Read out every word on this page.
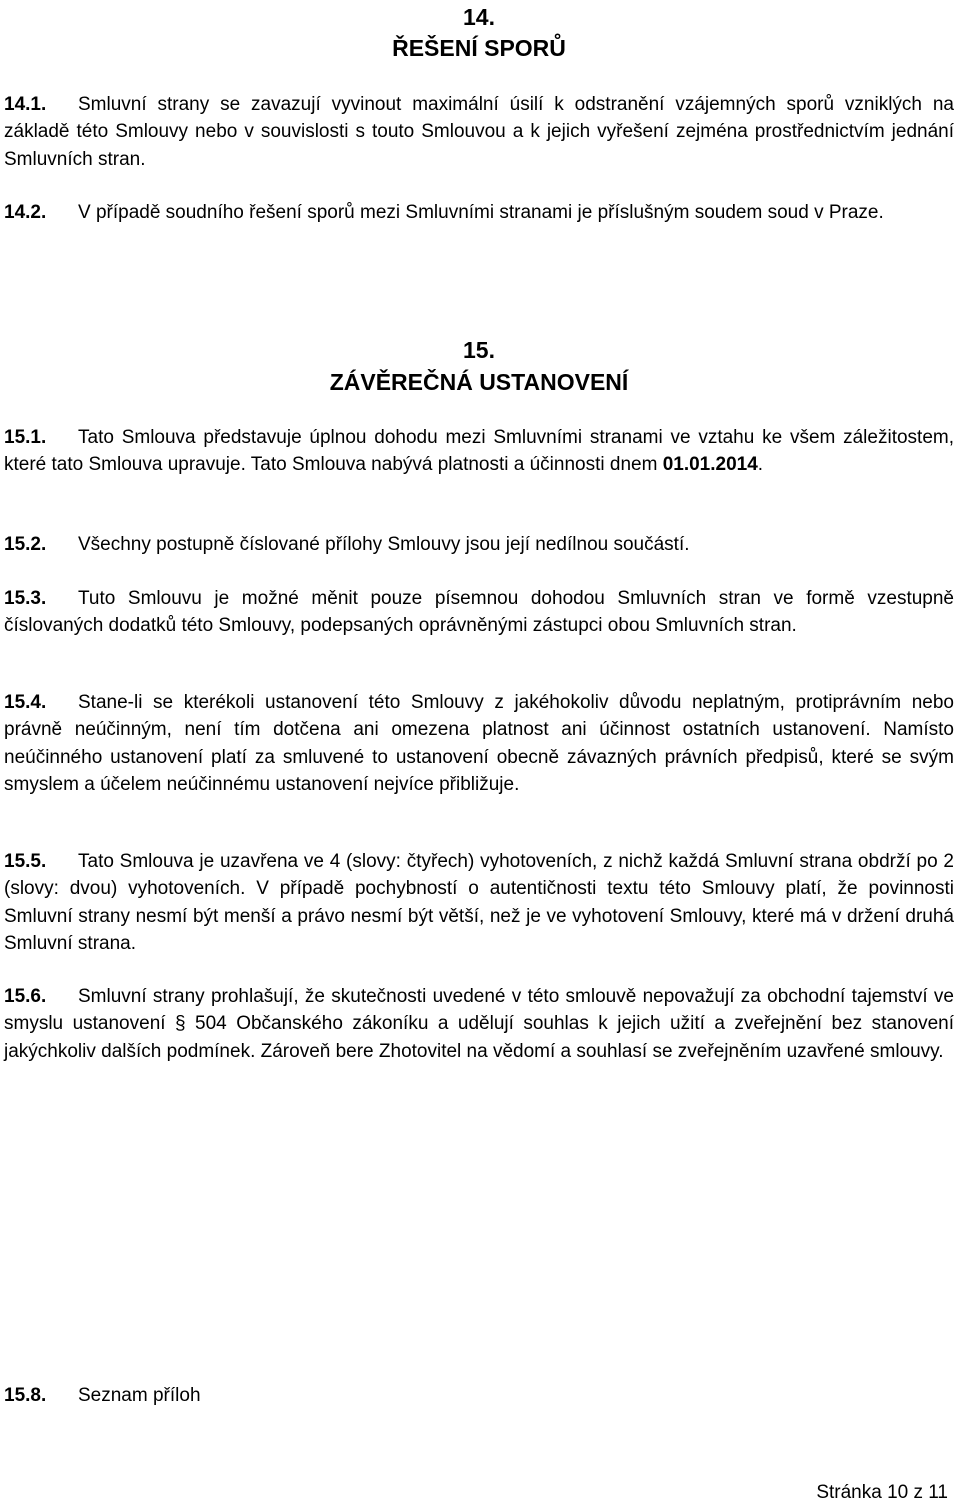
14.
ŘEŠENÍ SPORŮ

14.1. Smluvní strany se zavazují vyvinout maximální úsilí k odstranění vzájemných sporů vzniklých na základě této Smlouvy nebo v souvislosti s touto Smlouvou a k jejich vyřešení zejména prostřednictvím jednání Smluvních stran.

14.2. V případě soudního řešení sporů mezi Smluvními stranami je příslušným soudem soud v Praze.

15.
ZÁVĚREČNÁ USTANOVENÍ

15.1. Tato Smlouva představuje úplnou dohodu mezi Smluvními stranami ve vztahu ke všem záležitostem, které tato Smlouva upravuje. Tato Smlouva nabývá platnosti a účinnosti dnem 01.01.2014.

15.2. Všechny postupně číslované přílohy Smlouvy jsou její nedílnou součástí.

15.3. Tuto Smlouvu je možné měnit pouze písemnou dohodou Smluvních stran ve formě vzestupně číslovaných dodatků této Smlouvy, podepsaných oprávněnými zástupci obou Smluvních stran.

15.4. Stane-li se kterékoli ustanovení této Smlouvy z jakéhokoliv důvodu neplatným, protiprávním nebo právně neúčinným, není tím dotčena ani omezena platnost ani účinnost ostatních ustanovení. Namísto neúčinného ustanovení platí za smluvené to ustanovení obecně závazných právních předpisů, které se svým smyslem a účelem neúčinnému ustanovení nejvíce přibližuje.

15.5. Tato Smlouva je uzavřena ve 4 (slovy: čtyřech) vyhotoveních, z nichž každá Smluvní strana obdrží po 2 (slovy: dvou) vyhotoveních. V případě pochybností o autentičnosti textu této Smlouvy platí, že povinnosti Smluvní strany nesmí být menší a právo nesmí být větší, než je ve vyhotovení Smlouvy, které má v držení druhá Smluvní strana.

15.6. Smluvní strany prohlašují, že skutečnosti uvedené v této smlouvě nepovažují za obchodní tajemství ve smyslu ustanovení § 504 Občanského zákoníku a udělují souhlas k jejich užití a zveřejnění bez stanovení jakýchkoliv dalších podmínek. Zároveň bere Zhotovitel na vědomí a souhlasí se zveřejněním uzavřené smlouvy.

15.8. Seznam příloh

Stránka 10 z 11
